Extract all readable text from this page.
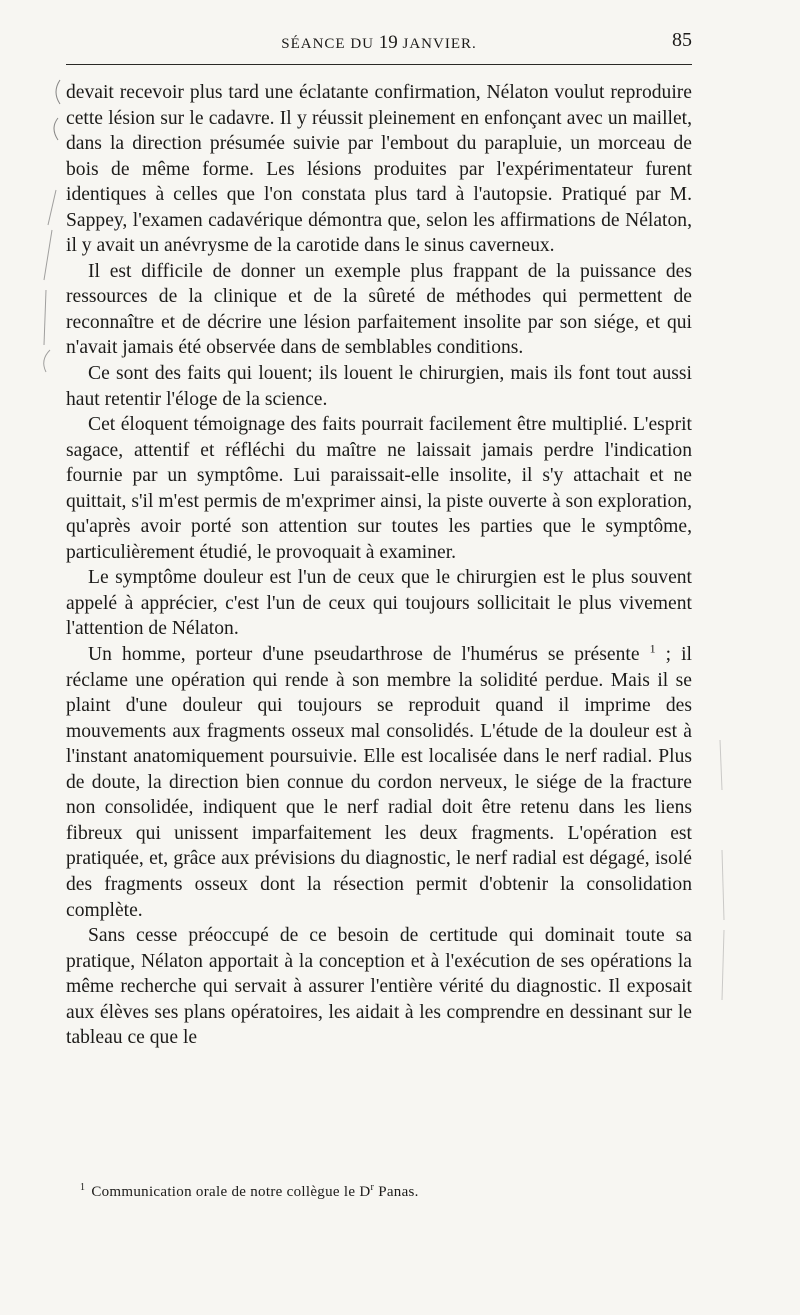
SÉANCE DU 19 JANVIER.	85

devait recevoir plus tard une éclatante confirmation, Nélaton voulut reproduire cette lésion sur le cadavre. Il y réussit pleinement en enfonçant avec un maillet, dans la direction présumée suivie par l'embout du parapluie, un morceau de bois de même forme. Les lésions produites par l'expérimentateur furent identiques à celles que l'on constata plus tard à l'autopsie. Pratiqué par M. Sappey, l'examen cadavérique démontra que, selon les affirmations de Nélaton, il y avait un anévrysme de la carotide dans le sinus caverneux.

Il est difficile de donner un exemple plus frappant de la puissance des ressources de la clinique et de la sûreté de méthodes qui permettent de reconnaître et de décrire une lésion parfaitement insolite par son siége, et qui n'avait jamais été observée dans de semblables conditions.

Ce sont des faits qui louent; ils louent le chirurgien, mais ils font tout aussi haut retentir l'éloge de la science.

Cet éloquent témoignage des faits pourrait facilement être multiplié. L'esprit sagace, attentif et réfléchi du maître ne laissait jamais perdre l'indication fournie par un symptôme. Lui paraissait-elle insolite, il s'y attachait et ne quittait, s'il m'est permis de m'exprimer ainsi, la piste ouverte à son exploration, qu'après avoir porté son attention sur toutes les parties que le symptôme, particulièrement étudié, le provoquait à examiner.

Le symptôme douleur est l'un de ceux que le chirurgien est le plus souvent appelé à apprécier, c'est l'un de ceux qui toujours sollicitait le plus vivement l'attention de Nélaton.

Un homme, porteur d'une pseudarthrose de l'humérus se présente $^1$ ; il réclame une opération qui rende à son membre la solidité perdue. Mais il se plaint d'une douleur qui toujours se reproduit quand il imprime des mouvements aux fragments osseux mal consolidés. L'étude de la douleur est à l'instant anatomiquement poursuivie. Elle est localisée dans le nerf radial. Plus de doute, la direction bien connue du cordon nerveux, le siége de la fracture non consolidée, indiquent que le nerf radial doit être retenu dans les liens fibreux qui unissent imparfaitement les deux fragments. L'opération est pratiquée, et, grâce aux prévisions du diagnostic, le nerf radial est dégagé, isolé des fragments osseux dont la résection permit d'obtenir la consolidation complète.

Sans cesse préoccupé de ce besoin de certitude qui dominait toute sa pratique, Nélaton apportait à la conception et à l'exécution de ses opérations la même recherche qui servait à assurer l'entière vérité du diagnostic. Il exposait aux élèves ses plans opératoires, les aidait à les comprendre en dessinant sur le tableau ce que le

$^1$ Communication orale de notre collègue le $D^r$ Panas.
